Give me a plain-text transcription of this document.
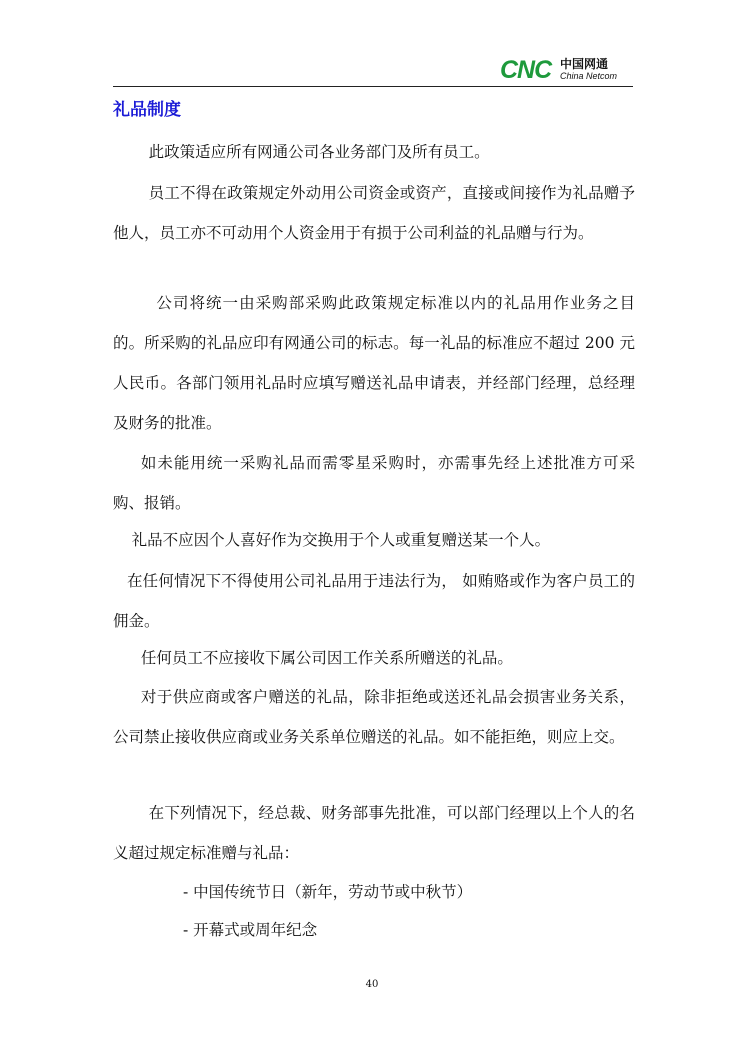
CNC 中国网通
China Netcom
礼品制度

此政策适应所有网通公司各业务部门及所有员工。

员工不得在政策规定外动用公司资金或资产，直接或间接作为礼品赠予他人，员工亦不可动用个人资金用于有损于公司利益的礼品赠与行为。

公司将统一由采购部采购此政策规定标准以内的礼品用作业务之目的。所采购的礼品应印有网通公司的标志。每一礼品的标准应不超过 200 元人民币。各部门领用礼品时应填写赠送礼品申请表，并经部门经理，总经理及财务的批准。

如未能用统一采购礼品而需零星采购时，亦需事先经上述批准方可采购、报销。

礼品不应因个人喜好作为交换用于个人或重复赠送某一个人。

在任何情况下不得使用公司礼品用于违法行为， 如贿赂或作为客户员工的佣金。

任何员工不应接收下属公司因工作关系所赠送的礼品。

对于供应商或客户赠送的礼品，除非拒绝或送还礼品会损害业务关系，公司禁止接收供应商或业务关系单位赠送的礼品。如不能拒绝，则应上交。

在下列情况下，经总裁、财务部事先批准，可以部门经理以上个人的名义超过规定标准赠与礼品：

- 中国传统节日（新年，劳动节或中秋节）

- 开幕式或周年纪念

40
